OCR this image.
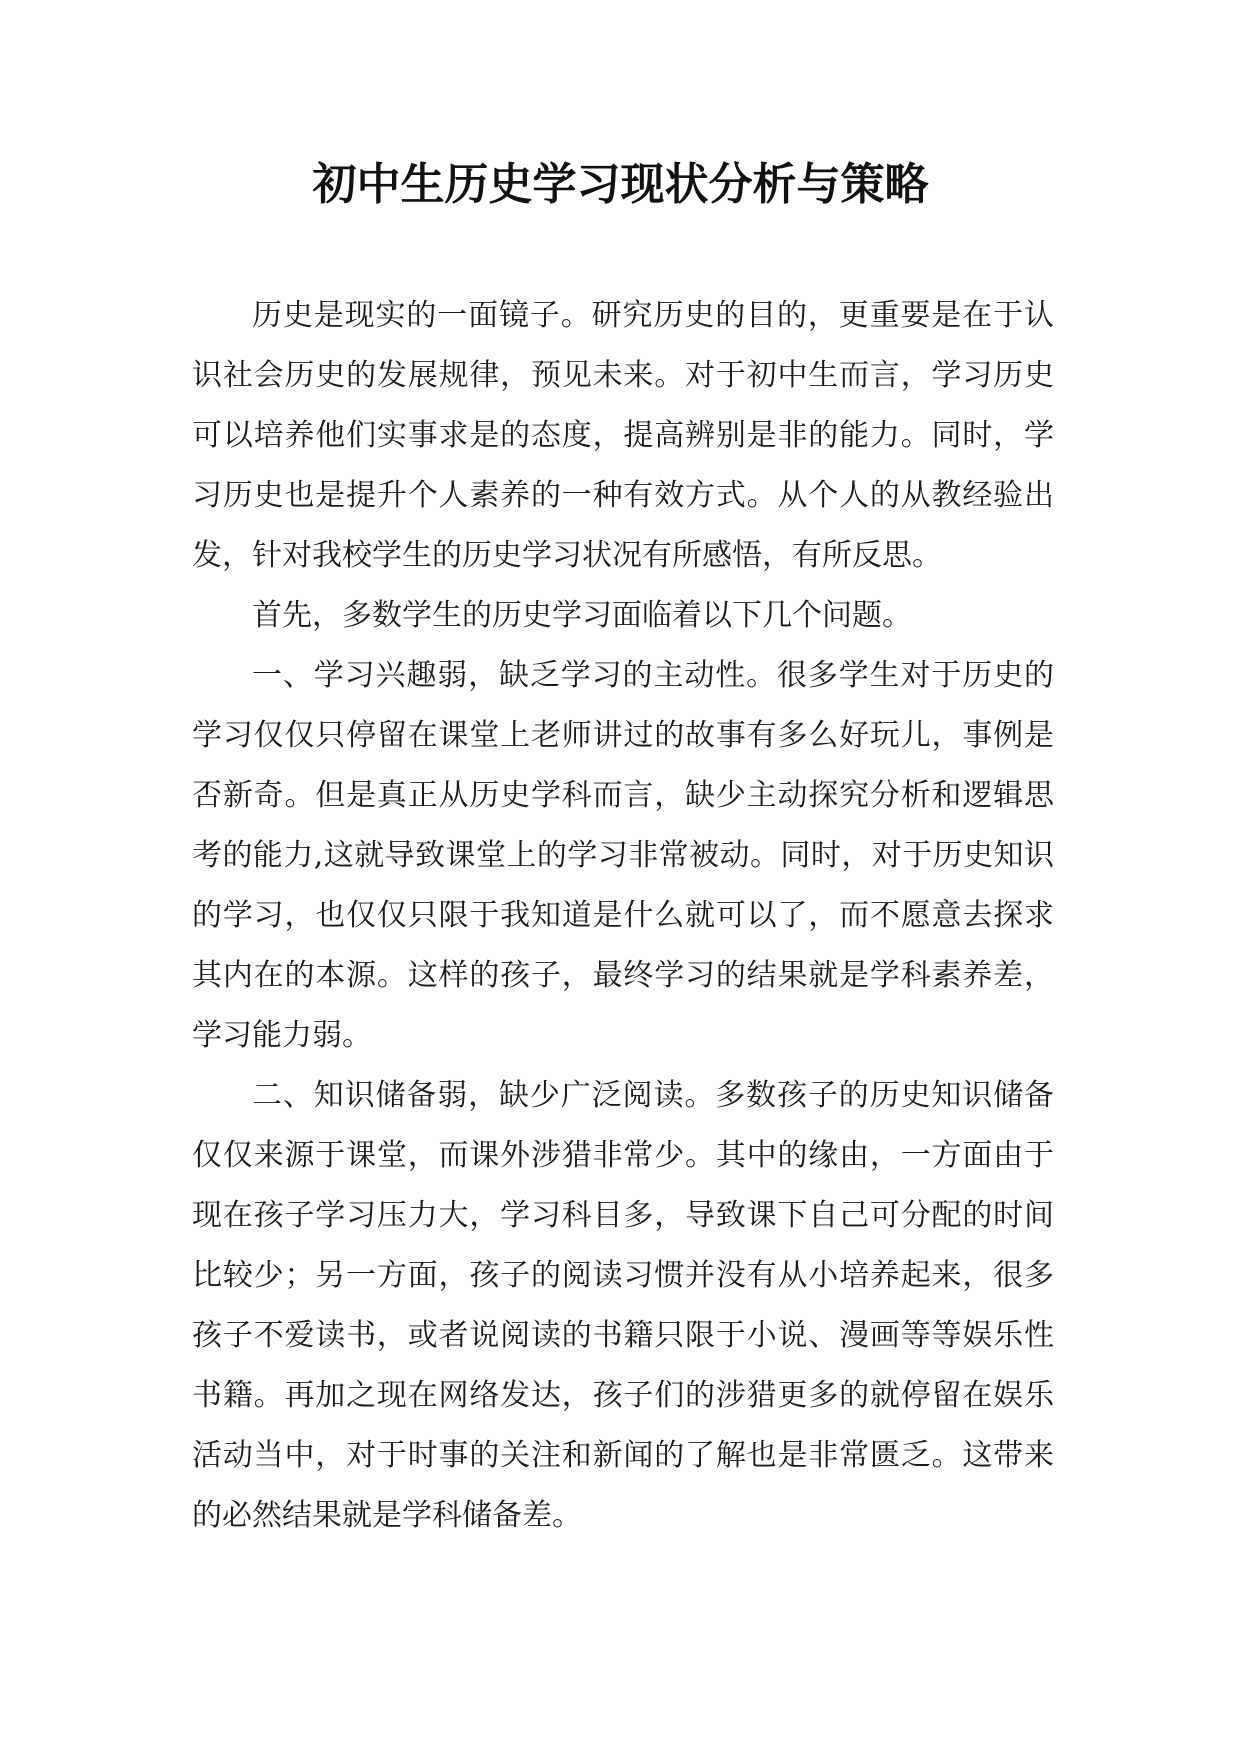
初中生历史学习现状分析与策略

历史是现实的一面镜子。研究历史的目的，更重要是在于认识社会历史的发展规律，预见未来。对于初中生而言，学习历史可以培养他们实事求是的态度，提高辨别是非的能力。同时，学习历史也是提升个人素养的一种有效方式。从个人的从教经验出发，针对我校学生的历史学习状况有所感悟，有所反思。

首先，多数学生的历史学习面临着以下几个问题。

一、学习兴趣弱，缺乏学习的主动性。很多学生对于历史的学习仅仅只停留在课堂上老师讲过的故事有多么好玩儿，事例是否新奇。但是真正从历史学科而言，缺少主动探究分析和逻辑思考的能力,这就导致课堂上的学习非常被动。同时，对于历史知识的学习，也仅仅只限于我知道是什么就可以了，而不愿意去探求其内在的本源。这样的孩子，最终学习的结果就是学科素养差，学习能力弱。

二、知识储备弱，缺少广泛阅读。多数孩子的历史知识储备仅仅来源于课堂，而课外涉猎非常少。其中的缘由，一方面由于现在孩子学习压力大，学习科目多，导致课下自己可分配的时间比较少；另一方面，孩子的阅读习惯并没有从小培养起来，很多孩子不爱读书，或者说阅读的书籍只限于小说、漫画等等娱乐性书籍。再加之现在网络发达，孩子们的涉猎更多的就停留在娱乐活动当中，对于时事的关注和新闻的了解也是非常匮乏。这带来的必然结果就是学科储备差。
